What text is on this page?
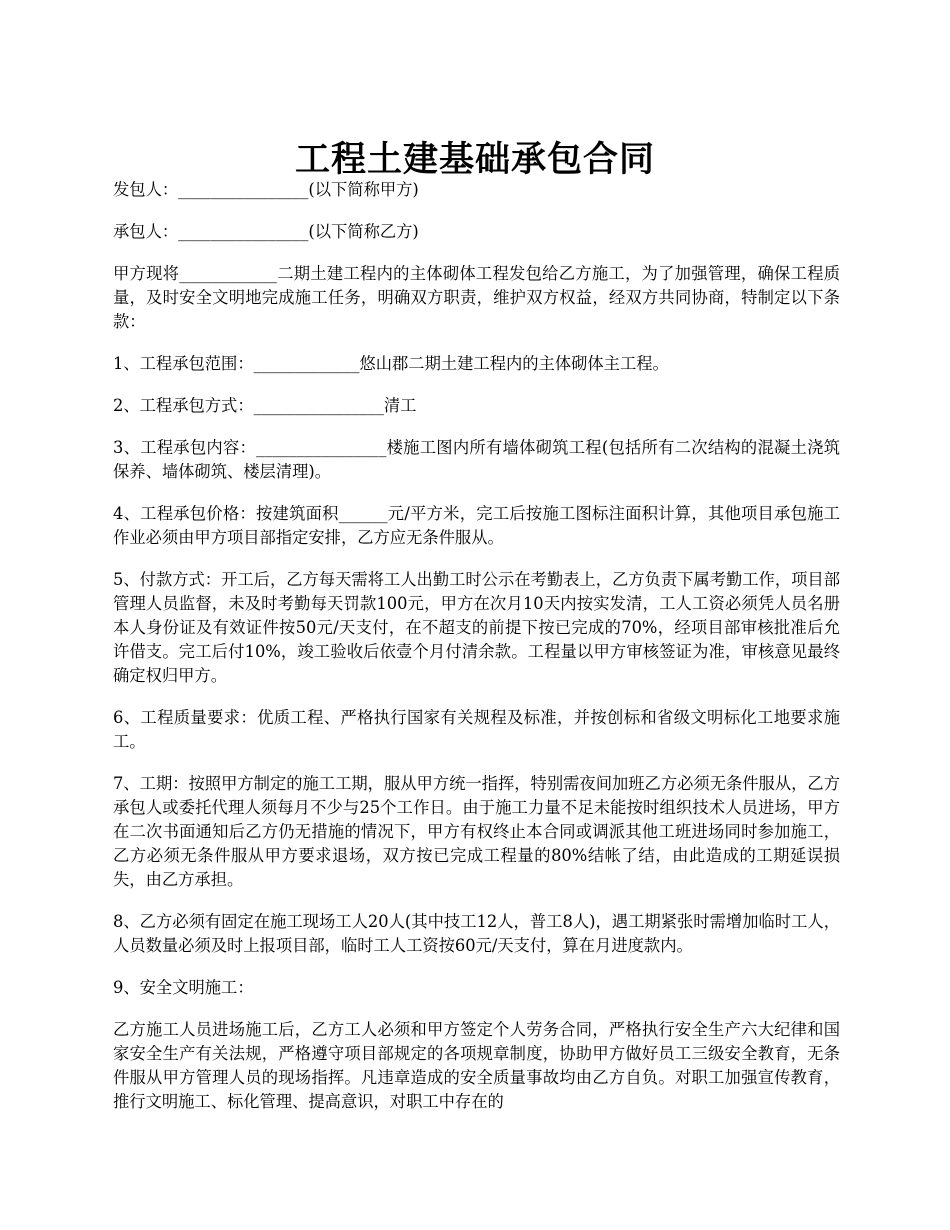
工程土建基础承包合同

发包人：________________(以下简称甲方)

承包人：________________(以下简称乙方)

甲方现将____________二期土建工程内的主体砌体工程发包给乙方施工，为了加强管理，确保工程质量，及时安全文明地完成施工任务，明确双方职责，维护双方权益，经双方共同协商，特制定以下条款：

1、工程承包范围：_____________悠山郡二期土建工程内的主体砌体主工程。

2、工程承包方式：________________清工

3、工程承包内容：________________楼施工图内所有墙体砌筑工程(包括所有二次结构的混凝土浇筑保养、墙体砌筑、楼层清理)。

4、工程承包价格：按建筑面积______元/平方米，完工后按施工图标注面积计算，其他项目承包施工作业必须由甲方项目部指定安排，乙方应无条件服从。

5、付款方式：开工后，乙方每天需将工人出勤工时公示在考勤表上，乙方负责下属考勤工作，项目部管理人员监督，未及时考勤每天罚款100元，甲方在次月10天内按实发清，工人工资必须凭人员名册本人身份证及有效证件按50元/天支付，在不超支的前提下按已完成的70%，经项目部审核批准后允许借支。完工后付10%，竣工验收后依壹个月付清余款。工程量以甲方审核签证为准，审核意见最终确定权归甲方。

6、工程质量要求：优质工程、严格执行国家有关规程及标准，并按创标和省级文明标化工地要求施工。

7、工期：按照甲方制定的施工工期，服从甲方统一指挥，特别需夜间加班乙方必须无条件服从，乙方承包人或委托代理人须每月不少与25个工作日。由于施工力量不足未能按时组织技术人员进场，甲方在二次书面通知后乙方仍无措施的情况下，甲方有权终止本合同或调派其他工班进场同时参加施工，乙方必须无条件服从甲方要求退场，双方按已完成工程量的80%结帐了结，由此造成的工期延误损失，由乙方承担。

8、乙方必须有固定在施工现场工人20人(其中技工12人，普工8人)，遇工期紧张时需增加临时工人，人员数量必须及时上报项目部，临时工人工资按60元/天支付，算在月进度款内。

9、安全文明施工：

乙方施工人员进场施工后，乙方工人必须和甲方签定个人劳务合同，严格执行安全生产六大纪律和国家安全生产有关法规，严格遵守项目部规定的各项规章制度，协助甲方做好员工三级安全教育，无条件服从甲方管理人员的现场指挥。凡违章造成的安全质量事故均由乙方自负。对职工加强宣传教育，推行文明施工、标化管理、提高意识，对职工中存在的
